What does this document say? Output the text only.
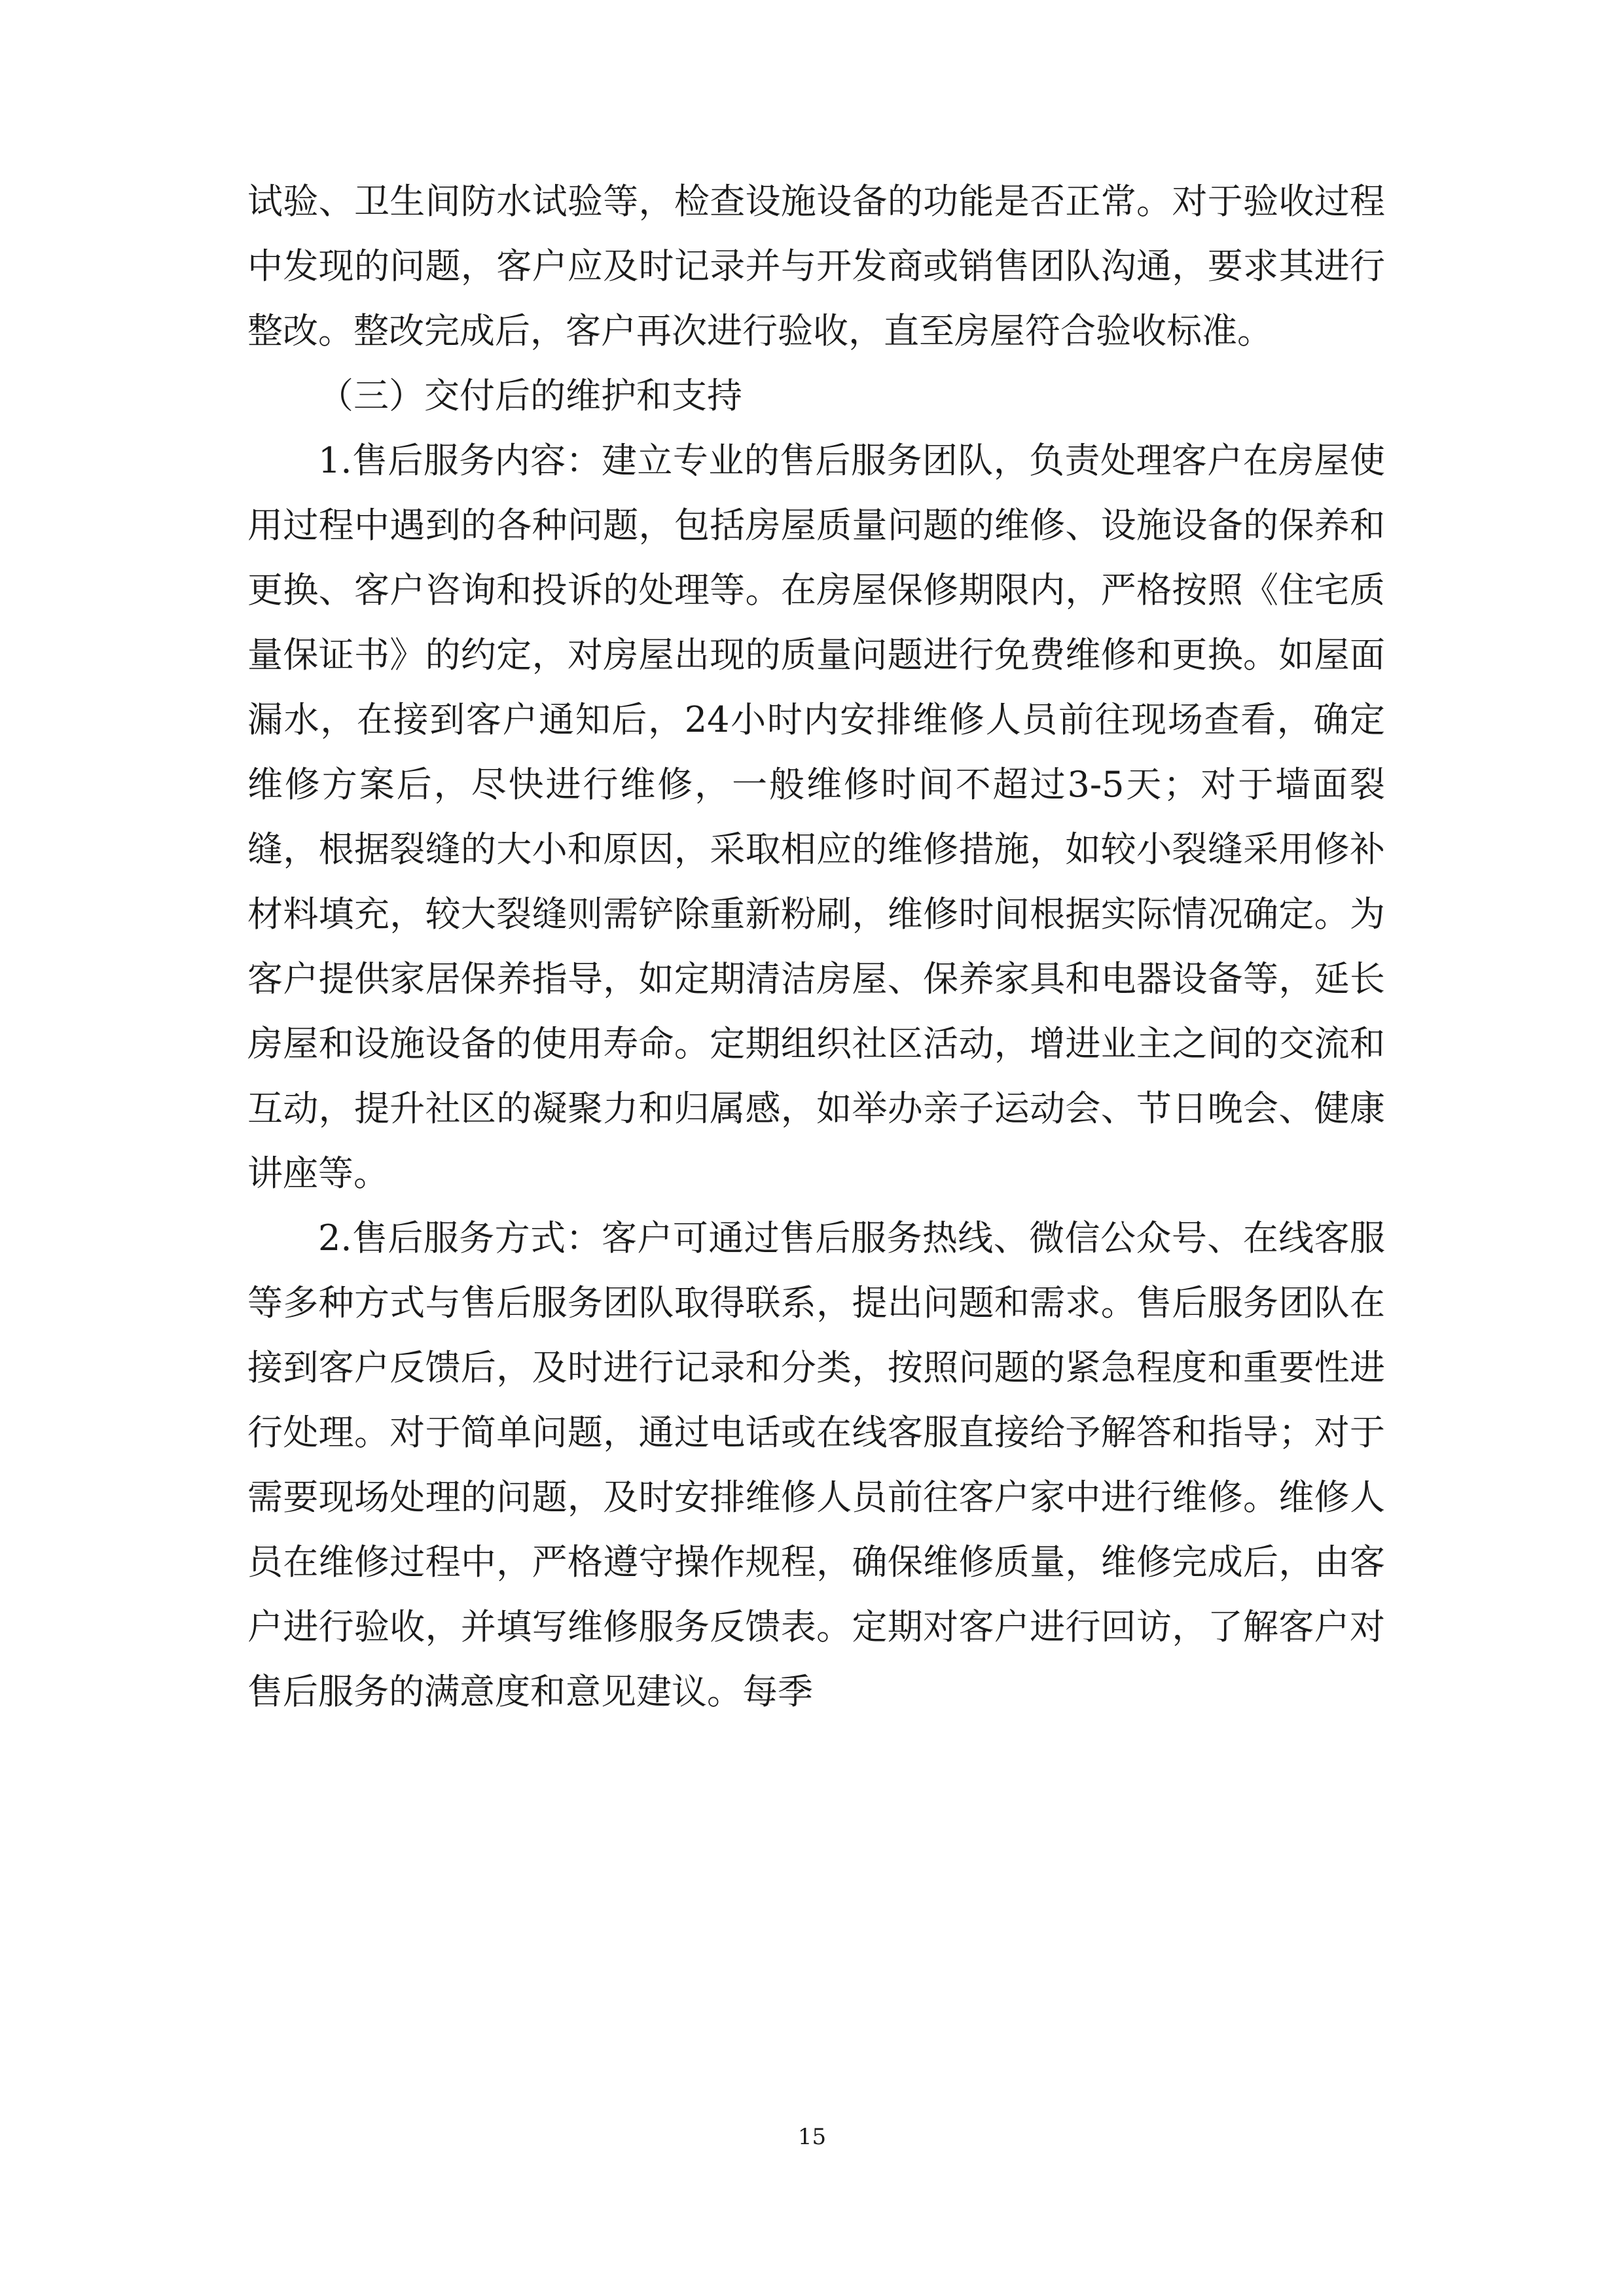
试验、卫生间防水试验等，检查设施设备的功能是否正常。对于验收过程中发现的问题，客户应及时记录并与开发商或销售团队沟通，要求其进行整改。整改完成后，客户再次进行验收，直至房屋符合验收标准。

（三）交付后的维护和支持

1.售后服务内容：建立专业的售后服务团队，负责处理客户在房屋使用过程中遇到的各种问题，包括房屋质量问题的维修、设施设备的保养和更换、客户咨询和投诉的处理等。在房屋保修期限内，严格按照《住宅质量保证书》的约定，对房屋出现的质量问题进行免费维修和更换。如屋面漏水，在接到客户通知后，24小时内安排维修人员前往现场查看，确定维修方案后，尽快进行维修，一般维修时间不超过3-5天；对于墙面裂缝，根据裂缝的大小和原因，采取相应的维修措施，如较小裂缝采用修补材料填充，较大裂缝则需铲除重新粉刷，维修时间根据实际情况确定。为客户提供家居保养指导，如定期清洁房屋、保养家具和电器设备等，延长房屋和设施设备的使用寿命。定期组织社区活动，增进业主之间的交流和互动，提升社区的凝聚力和归属感，如举办亲子运动会、节日晚会、健康讲座等。

2.售后服务方式：客户可通过售后服务热线、微信公众号、在线客服等多种方式与售后服务团队取得联系，提出问题和需求。售后服务团队在接到客户反馈后，及时进行记录和分类，按照问题的紧急程度和重要性进行处理。对于简单问题，通过电话或在线客服直接给予解答和指导；对于需要现场处理的问题，及时安排维修人员前往客户家中进行维修。维修人员在维修过程中，严格遵守操作规程，确保维修质量，维修完成后，由客户进行验收，并填写维修服务反馈表。定期对客户进行回访，了解客户对售后服务的满意度和意见建议。每季

15
